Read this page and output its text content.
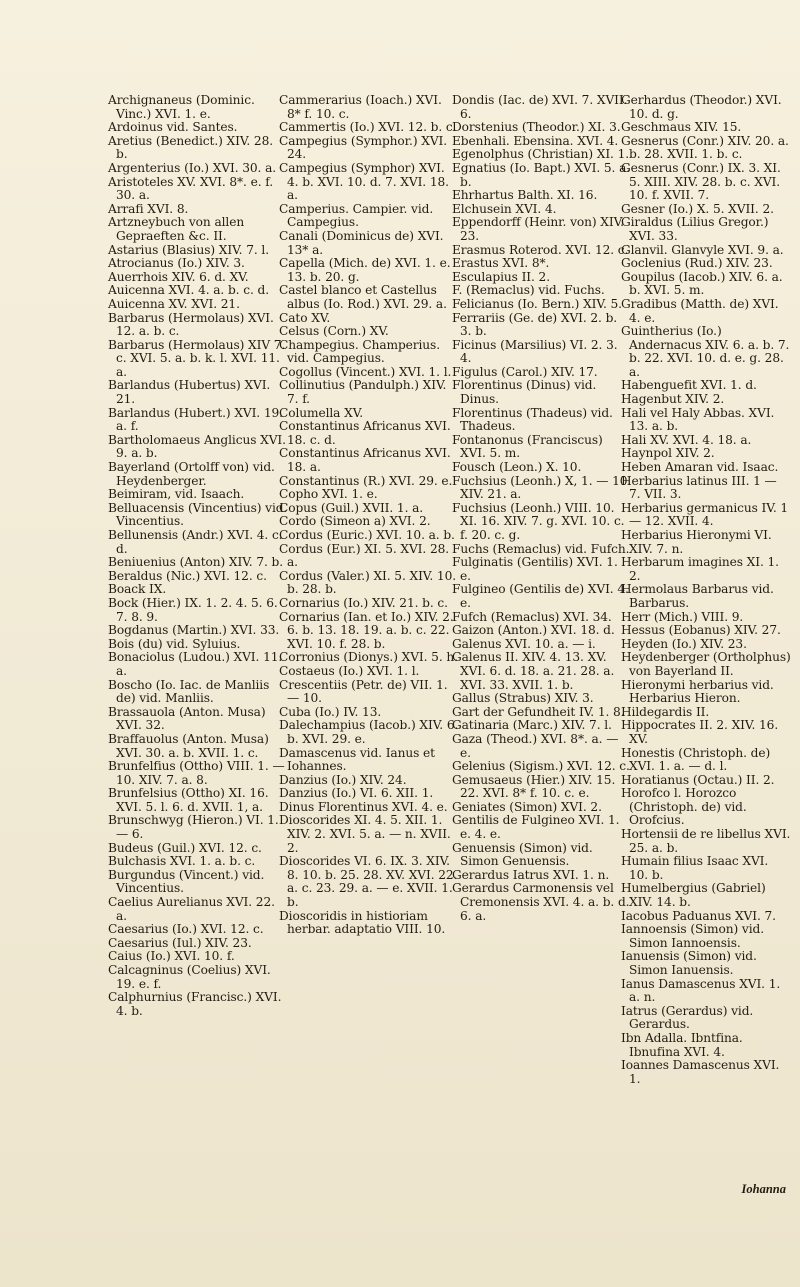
Archignaneus (Dominic. Vinc.) XVI. 1. e.

Ardoinus vid. Santes.

Aretius (Benedict.) XIV. 28. b.

Argenterius (Io.) XVI. 30. a.

Aristoteles XV. XVI. 8*. e. f. 30. a.

Arrafi XVI. 8.

Artzneybuch von allen Gepraeften &c. II.

Astarius (Blasius) XIV. 7. l.

Atrocianus (Io.) XIV. 3.

Auerrhois XIV. 6. d. XV.

Auicenna XVI. 4. a. b. c. d.

Auicenna XV. XVI. 21.

Barbarus (Hermolaus) XVI. 12. a. b. c.

Barbarus (Hermolaus) XIV 7. c. XVI. 5. a. b. k. l. XVI. 11. a.

Barlandus (Hubertus) XVI. 21.

Barlandus (Hubert.) XVI. 19. a. f.

Bartholomaeus Anglicus XVI. 9. a. b.

Bayerland (Ortolff von) vid. Heydenberger.

Beimiram, vid. Isaach.

Belluacensis (Vincentius) vid. Vincentius.

Bellunensis (Andr.) XVI. 4. c. d.

Beniuenius (Anton) XIV. 7. b.

Beraldus (Nic.) XVI. 12. c.

Boack IX.

Bock (Hier.) IX. 1. 2. 4. 5. 6. 7. 8. 9.

Bogdanus (Martin.) XVI. 33.

Bois (du) vid. Syluius.

Bonaciolus (Ludou.) XVI. 11. a.

Boscho (Io. Iac. de Manliis de) vid. Manliis.

Brassauola (Anton. Musa) XVI. 32.

Braffauolus (Anton. Musa) XVI. 30. a. b. XVII. 1. c.

Brunfelfius (Ottho) VIII. 1. — 10. XIV. 7. a. 8.

Brunfelsius (Ottho) XI. 16. XVI. 5. l. 6. d. XVII. 1, a.

Brunschwyg (Hieron.) VI. 1. — 6.

Budeus (Guil.) XVI. 12. c.

Bulchasis XVI. 1. a. b. c.

Burgundus (Vincent.) vid. Vincentius.

Caelius Aurelianus XVI. 22. a.

Caesarius (Io.) XVI. 12. c.

Caesarius (Iul.) XIV. 23.

Caius (Io.) XVI. 10. f.

Calcagninus (Coelius) XVI. 19. e. f.

Calphurnius (Francisc.) XVI. 4. b.

Cammerarius (Ioach.) XVI. 8* f. 10. c.

Cammertis (Io.) XVI. 12. b. c.

Campegius (Symphor.) XVI. 24.

Campegius (Symphor) XVI. 4. b. XVI. 10. d. 7. XVI. 18. a.

Camperius. Campier. vid. Campegius.

Canali (Dominicus de) XVI. 13* a.

Capella (Mich. de) XVI. 1. e. 13. b. 20. g.

Castel blanco et Castellus albus (Io. Rod.) XVI. 29. a.

Cato XV.

Celsus (Corn.) XV.

Champegius. Champerius. vid. Campegius.

Cogollus (Vincent.) XVI. 1. l.

Collinutius (Pandulph.) XIV. 7. f.

Columella XV.

Constantinus Africanus XVI. 18. c. d.

Constantinus Africanus XVI. 18. a.

Constantinus (R.) XVI. 29. e.

Copho XVI. 1. e.

Copus (Guil.) XVII. 1. a.

Cordo (Simeon a) XVI. 2.

Cordus (Euric.) XVI. 10. a. b.

Cordus (Eur.) XI. 5. XVI. 28. a.

Cordus (Valer.) XI. 5. XIV. 10. b. 28. b.

Cornarius (Io.) XIV. 21. b. c.

Cornarius (Ian. et Io.) XIV. 2. 6. b. 13. 18. 19. a. b. c. 22. XVI. 10. f. 28. b.

Corronius (Dionys.) XVI. 5. h.

Costaeus (Io.) XVI. 1. l.

Crescentiis (Petr. de) VII. 1. — 10.

Cuba (Io.) IV. 13.

Dalechampius (Iacob.) XIV. 6. b. XVI. 29. e.

Damascenus vid. Ianus et Iohannes.

Danzius (Io.) XIV. 24.

Danzius (Io.) VI. 6. XII. 1.

Dinus Florentinus XVI. 4. e.

Dioscorides XI. 4. 5. XII. 1. XIV. 2. XVI. 5. a. — n. XVII. 2.

Dioscorides VI. 6. IX. 3. XIV. 8. 10. b. 25. 28. XV. XVI. 22. a. c. 23. 29. a. — e. XVII. 1. b.

Dioscoridis in histioriam herbar. adaptatio VIII. 10.

Dondis (Iac. de) XVI. 7. XVII. 6.

Dorstenius (Theodor.) XI. 3.

Ebenhali. Ebensina. XVI. 4.

Egenolphus (Christian) XI. 1.

Egnatius (Io. Bapt.) XVI. 5. a. b.

Ehrhartus Balth. XI. 16.

Elchusein XVI. 4.

Eppendorff (Heinr. von) XIV. 23.

Erasmus Roterod. XVI. 12. c.

Erastus XVI. 8*.

Esculapius II. 2.

F. (Remaclus) vid. Fuchs.

Felicianus (Io. Bern.) XIV. 5.

Ferrariis (Ge. de) XVI. 2. b. 3. b.

Ficinus (Marsilius) VI. 2. 3. 4.

Figulus (Carol.) XIV. 17.

Florentinus (Dinus) vid. Dinus.

Florentinus (Thadeus) vid. Thadeus.

Fontanonus (Franciscus) XVI. 5. m.

Fousch (Leon.) X. 10.

Fuchsius (Leonh.) X, 1. — 10. XIV. 21. a.

Fuchsius (Leonh.) VIII. 10. XI. 16. XIV. 7. g. XVI. 10. c. f. 20. c. g.

Fuchs (Remaclus) vid. Fufch.

Fulginatis (Gentilis) XVI. 1. e.

Fulgineo (Gentilis de) XVI. 4. e.

Fufch (Remaclus) XVI. 34.

Gaizon (Anton.) XVI. 18. d.

Galenus XVI. 10. a. — i.

Galenus II. XIV. 4. 13. XV. XVI. 6. d. 18. a. 21. 28. a. XVI. 33. XVII. 1. b.

Gallus (Strabus) XIV. 3.

Gart der Gefundheit IV. 1. 8.

Gatinaria (Marc.) XIV. 7. l.

Gaza (Theod.) XVI. 8*. a. — e.

Gelenius (Sigism.) XVI. 12. c.

Gemusaeus (Hier.) XIV. 15. 22. XVI. 8* f. 10. c. e.

Geniates (Simon) XVI. 2.

Gentilis de Fulgineo XVI. 1. e. 4. e.

Genuensis (Simon) vid. Simon Genuensis.

Gerardus Iatrus XVI. 1. n.

Gerardus Carmonensis vel Cremonensis XVI. 4. a. b. d. 6. a.

Gerhardus (Theodor.) XVI. 10. d. g.

Geschmaus XIV. 15.

Gesnerus (Conr.) XIV. 20. a. b. 28. XVII. 1. b. c.

Gesnerus (Conr.) IX. 3. XI. 5. XIII. XIV. 28. b. c. XVI. 10. f. XVII. 7.

Gesner (Io.) X. 5. XVII. 2.

Giraldus (Lilius Gregor.) XVI. 33.

Glanvil. Glanvyle XVI. 9. a.

Goclenius (Rud.) XIV. 23.

Goupilus (Iacob.) XIV. 6. a. b. XVI. 5. m.

Gradibus (Matth. de) XVI. 4. e.

Guintherius (Io.) Andernacus XIV. 6. a. b. 7. b. 22. XVI. 10. d. e. g. 28. a.

Habenguefit XVI. 1. d.

Hagenbut XIV. 2.

Hali vel Haly Abbas. XVI. 13. a. b.

Hali XV. XVI. 4. 18. a.

Haynpol XIV. 2.

Heben Amaran vid. Isaac.

Herbarius latinus III. 1 — 7. VII. 3.

Herbarius germanicus IV. 1 — 12. XVII. 4.

Herbarius Hieronymi VI. XIV. 7. n.

Herbarum imagines XI. 1. 2.

Hermolaus Barbarus vid. Barbarus.

Herr (Mich.) VIII. 9.

Hessus (Eobanus) XIV. 27.

Heyden (Io.) XIV. 23.

Heydenberger (Ortholphus) von Bayerland II.

Hieronymi herbarius vid. Herbarius Hieron.

Hildegardis II.

Hippocrates II. 2. XIV. 16. XV.

Honestis (Christoph. de) XVI. 1. a. — d. l.

Horatianus (Octau.) II. 2.

Horofco l. Horozco (Christoph. de) vid. Orofcius.

Hortensii de re libellus XVI. 25. a. b.

Humain filius Isaac XVI. 10. b.

Humelbergius (Gabriel) XIV. 14. b.

Iacobus Paduanus XVI. 7.

Iannoensis (Simon) vid. Simon Iannoensis.

Ianuensis (Simon) vid. Simon Ianuensis.

Ianus Damascenus XVI. 1. a. n.

Iatrus (Gerardus) vid. Gerardus.

Ibn Adalla. Ibntfina. Ibnufina XVI. 4.

Ioannes Damascenus XVI. 1.

Iohanna
